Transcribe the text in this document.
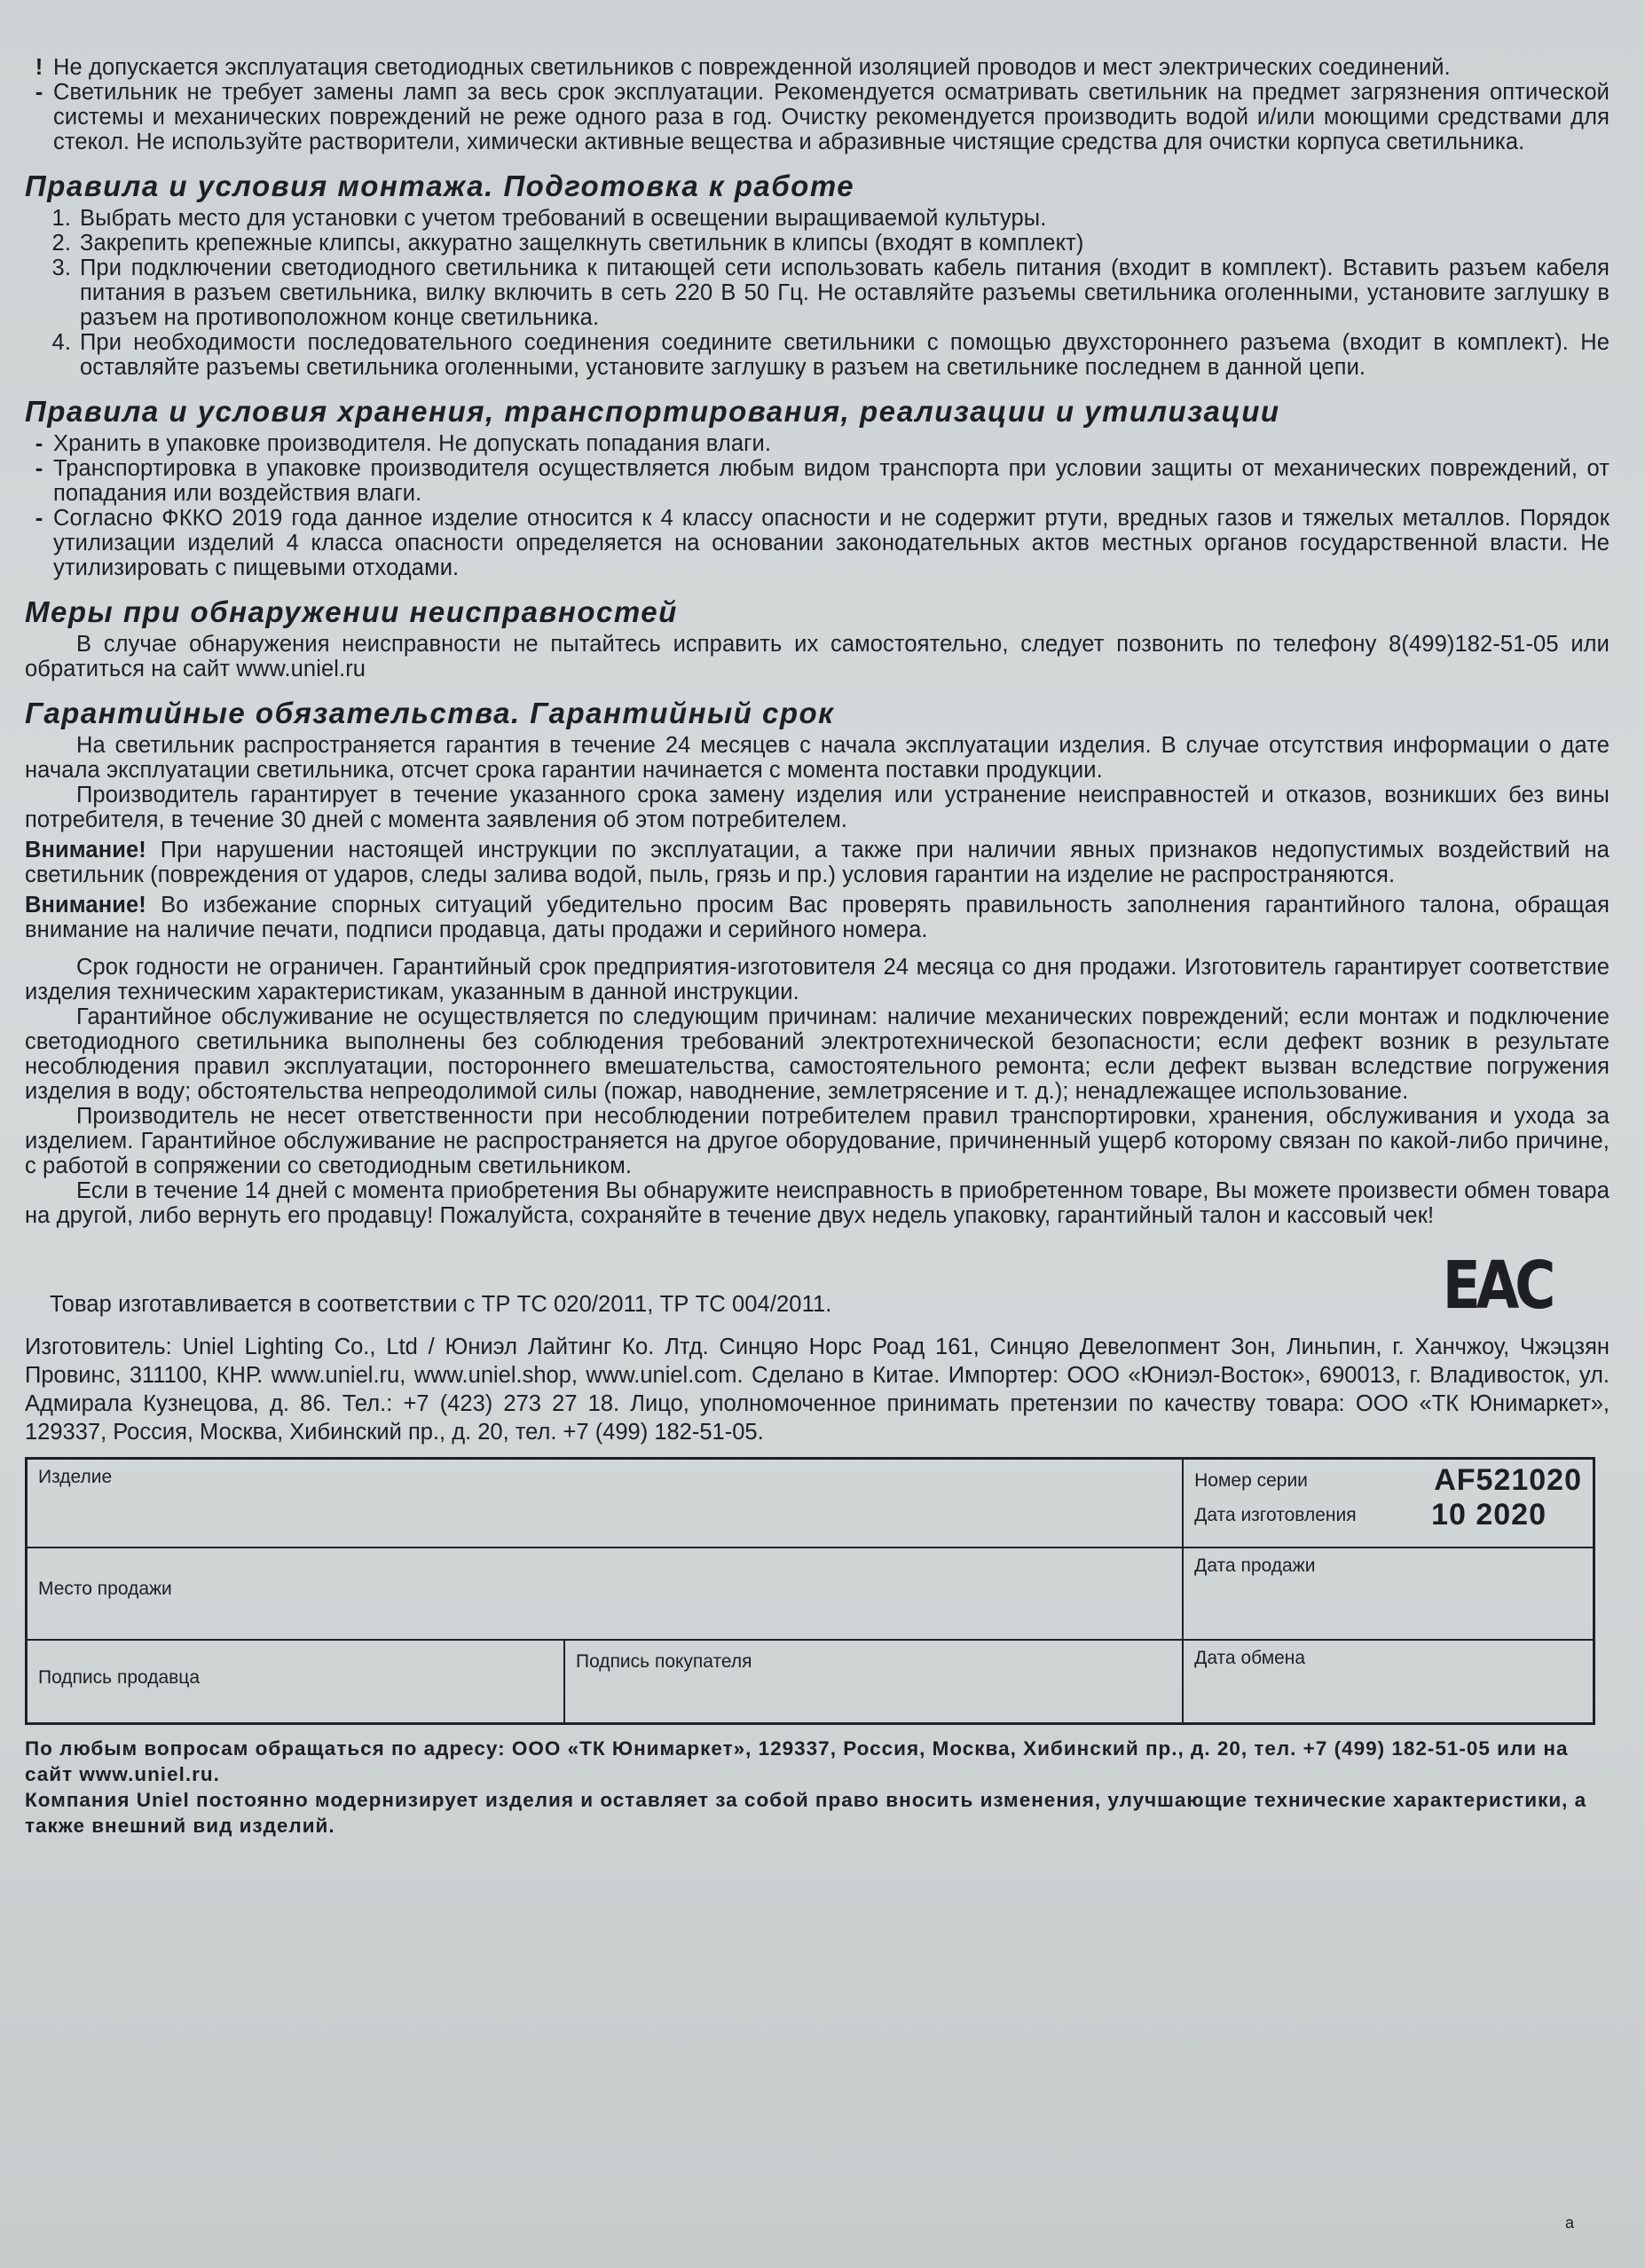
! Не допускается эксплуатация светодиодных светильников с поврежденной изоляцией проводов и мест электрических соединений.
- Светильник не требует замены ламп за весь срок эксплуатации. Рекомендуется осматривать светильник на предмет загрязнения оптической системы и механических повреждений не реже одного раза в год. Очистку рекомендуется производить водой и/или моющими средствами для стекол. Не используйте растворители, химически активные вещества и абразивные чистящие средства для очистки корпуса светильника.
Правила и условия монтажа. Подготовка к работе
1. Выбрать место для установки с учетом требований в освещении выращиваемой культуры.
2. Закрепить крепежные клипсы, аккуратно защелкнуть светильник в клипсы (входят в комплект)
3. При подключении светодиодного светильника к питающей сети использовать кабель питания (входит в комплект). Вставить разъем кабеля питания в разъем светильника, вилку включить в сеть 220 В 50 Гц. Не оставляйте разъемы светильника оголенными, установите заглушку в разъем на противоположном конце светильника.
4. При необходимости последовательного соединения соедините светильники с помощью двухстороннего разъема (входит в комплект). Не оставляйте разъемы светильника оголенными, установите заглушку в разъем на светильнике последнем в данной цепи.
Правила и условия хранения, транспортирования, реализации и утилизации
- Хранить в упаковке производителя. Не допускать попадания влаги.
- Транспортировка в упаковке производителя осуществляется любым видом транспорта при условии защиты от механических повреждений, от попадания или воздействия влаги.
- Согласно ФККО 2019 года данное изделие относится к 4 классу опасности и не содержит ртути, вредных газов и тяжелых металлов. Порядок утилизации изделий 4 класса опасности определяется на основании законодательных актов местных органов государственной власти. Не утилизировать с пищевыми отходами.
Меры при обнаружении неисправностей
В случае обнаружения неисправности не пытайтесь исправить их самостоятельно, следует позвонить по телефону 8(499)182-51-05 или обратиться на сайт www.uniel.ru
Гарантийные обязательства. Гарантийный срок
На светильник распространяется гарантия в течение 24 месяцев с начала эксплуатации изделия. В случае отсутствия информации о дате начала эксплуатации светильника, отсчет срока гарантии начинается с момента поставки продукции.
Производитель гарантирует в течение указанного срока замену изделия или устранение неисправностей и отказов, возникших без вины потребителя, в течение 30 дней с момента заявления об этом потребителем.
Внимание! При нарушении настоящей инструкции по эксплуатации, а также при наличии явных признаков недопустимых воздействий на светильник (повреждения от ударов, следы залива водой, пыль, грязь и пр.) условия гарантии на изделие не распространяются.
Внимание! Во избежание спорных ситуаций убедительно просим Вас проверять правильность заполнения гарантийного талона, обращая внимание на наличие печати, подписи продавца, даты продажи и серийного номера.
Срок годности не ограничен. Гарантийный срок предприятия-изготовителя 24 месяца со дня продажи. Изготовитель гарантирует соответствие изделия техническим характеристикам, указанным в данной инструкции.
Гарантийное обслуживание не осуществляется по следующим причинам: наличие механических повреждений; если монтаж и подключение светодиодного светильника выполнены без соблюдения требований электротехнической безопасности; если дефект возник в результате несоблюдения правил эксплуатации, постороннего вмешательства, самостоятельного ремонта; если дефект вызван вследствие погружения изделия в воду; обстоятельства непреодолимой силы (пожар, наводнение, землетрясение и т. д.); ненадлежащее использование.
Производитель не несет ответственности при несоблюдении потребителем правил транспортировки, хранения, обслуживания и ухода за изделием. Гарантийное обслуживание не распространяется на другое оборудование, причиненный ущерб которому связан по какой-либо причине, с работой в сопряжении со светодиодным светильником.
Если в течение 14 дней с момента приобретения Вы обнаружите неисправность в приобретенном товаре, Вы можете произвести обмен товара на другой, либо вернуть его продавцу! Пожалуйста, сохраняйте в течение двух недель упаковку, гарантийный талон и кассовый чек!
Товар изготавливается в соответствии с ТР ТС 020/2011, ТР ТС 004/2011.	EAC
Изготовитель: Uniel Lighting Co., Ltd / Юниэл Лайтинг Ко. Лтд. Синцяо Норс Роад 161, Синцяо Девелопмент Зон, Линьпин, г. Ханчжоу, Чжэцзян Провинс, 311100, КНР. www.uniel.ru, www.uniel.shop, www.uniel.com. Сделано в Китае. Импортер: ООО «Юниэл-Восток», 690013, г. Владивосток, ул. Адмирала Кузнецова, д. 86. Тел.: +7 (423) 273 27 18. Лицо, уполномоченное принимать претензии по качеству товара: ООО «ТК Юнимаркет», 129337, Россия, Москва, Хибинский пр., д. 20, тел. +7 (499) 182-51-05.
Изделие		Номер серии AF521020
Дата изготовления 10 2020

Место продажи		Дата продажи

Подпись продавца	Подпись покупателя	Дата обмена
По любым вопросам обращаться по адресу: ООО «ТК Юнимаркет», 129337, Россия, Москва, Хибинский пр., д. 20, тел. +7 (499) 182-51-05 или на сайт www.uniel.ru.
Компания Uniel постоянно модернизирует изделия и оставляет за собой право вносить изменения, улучшающие технические характеристики, а также внешний вид изделий.
a
